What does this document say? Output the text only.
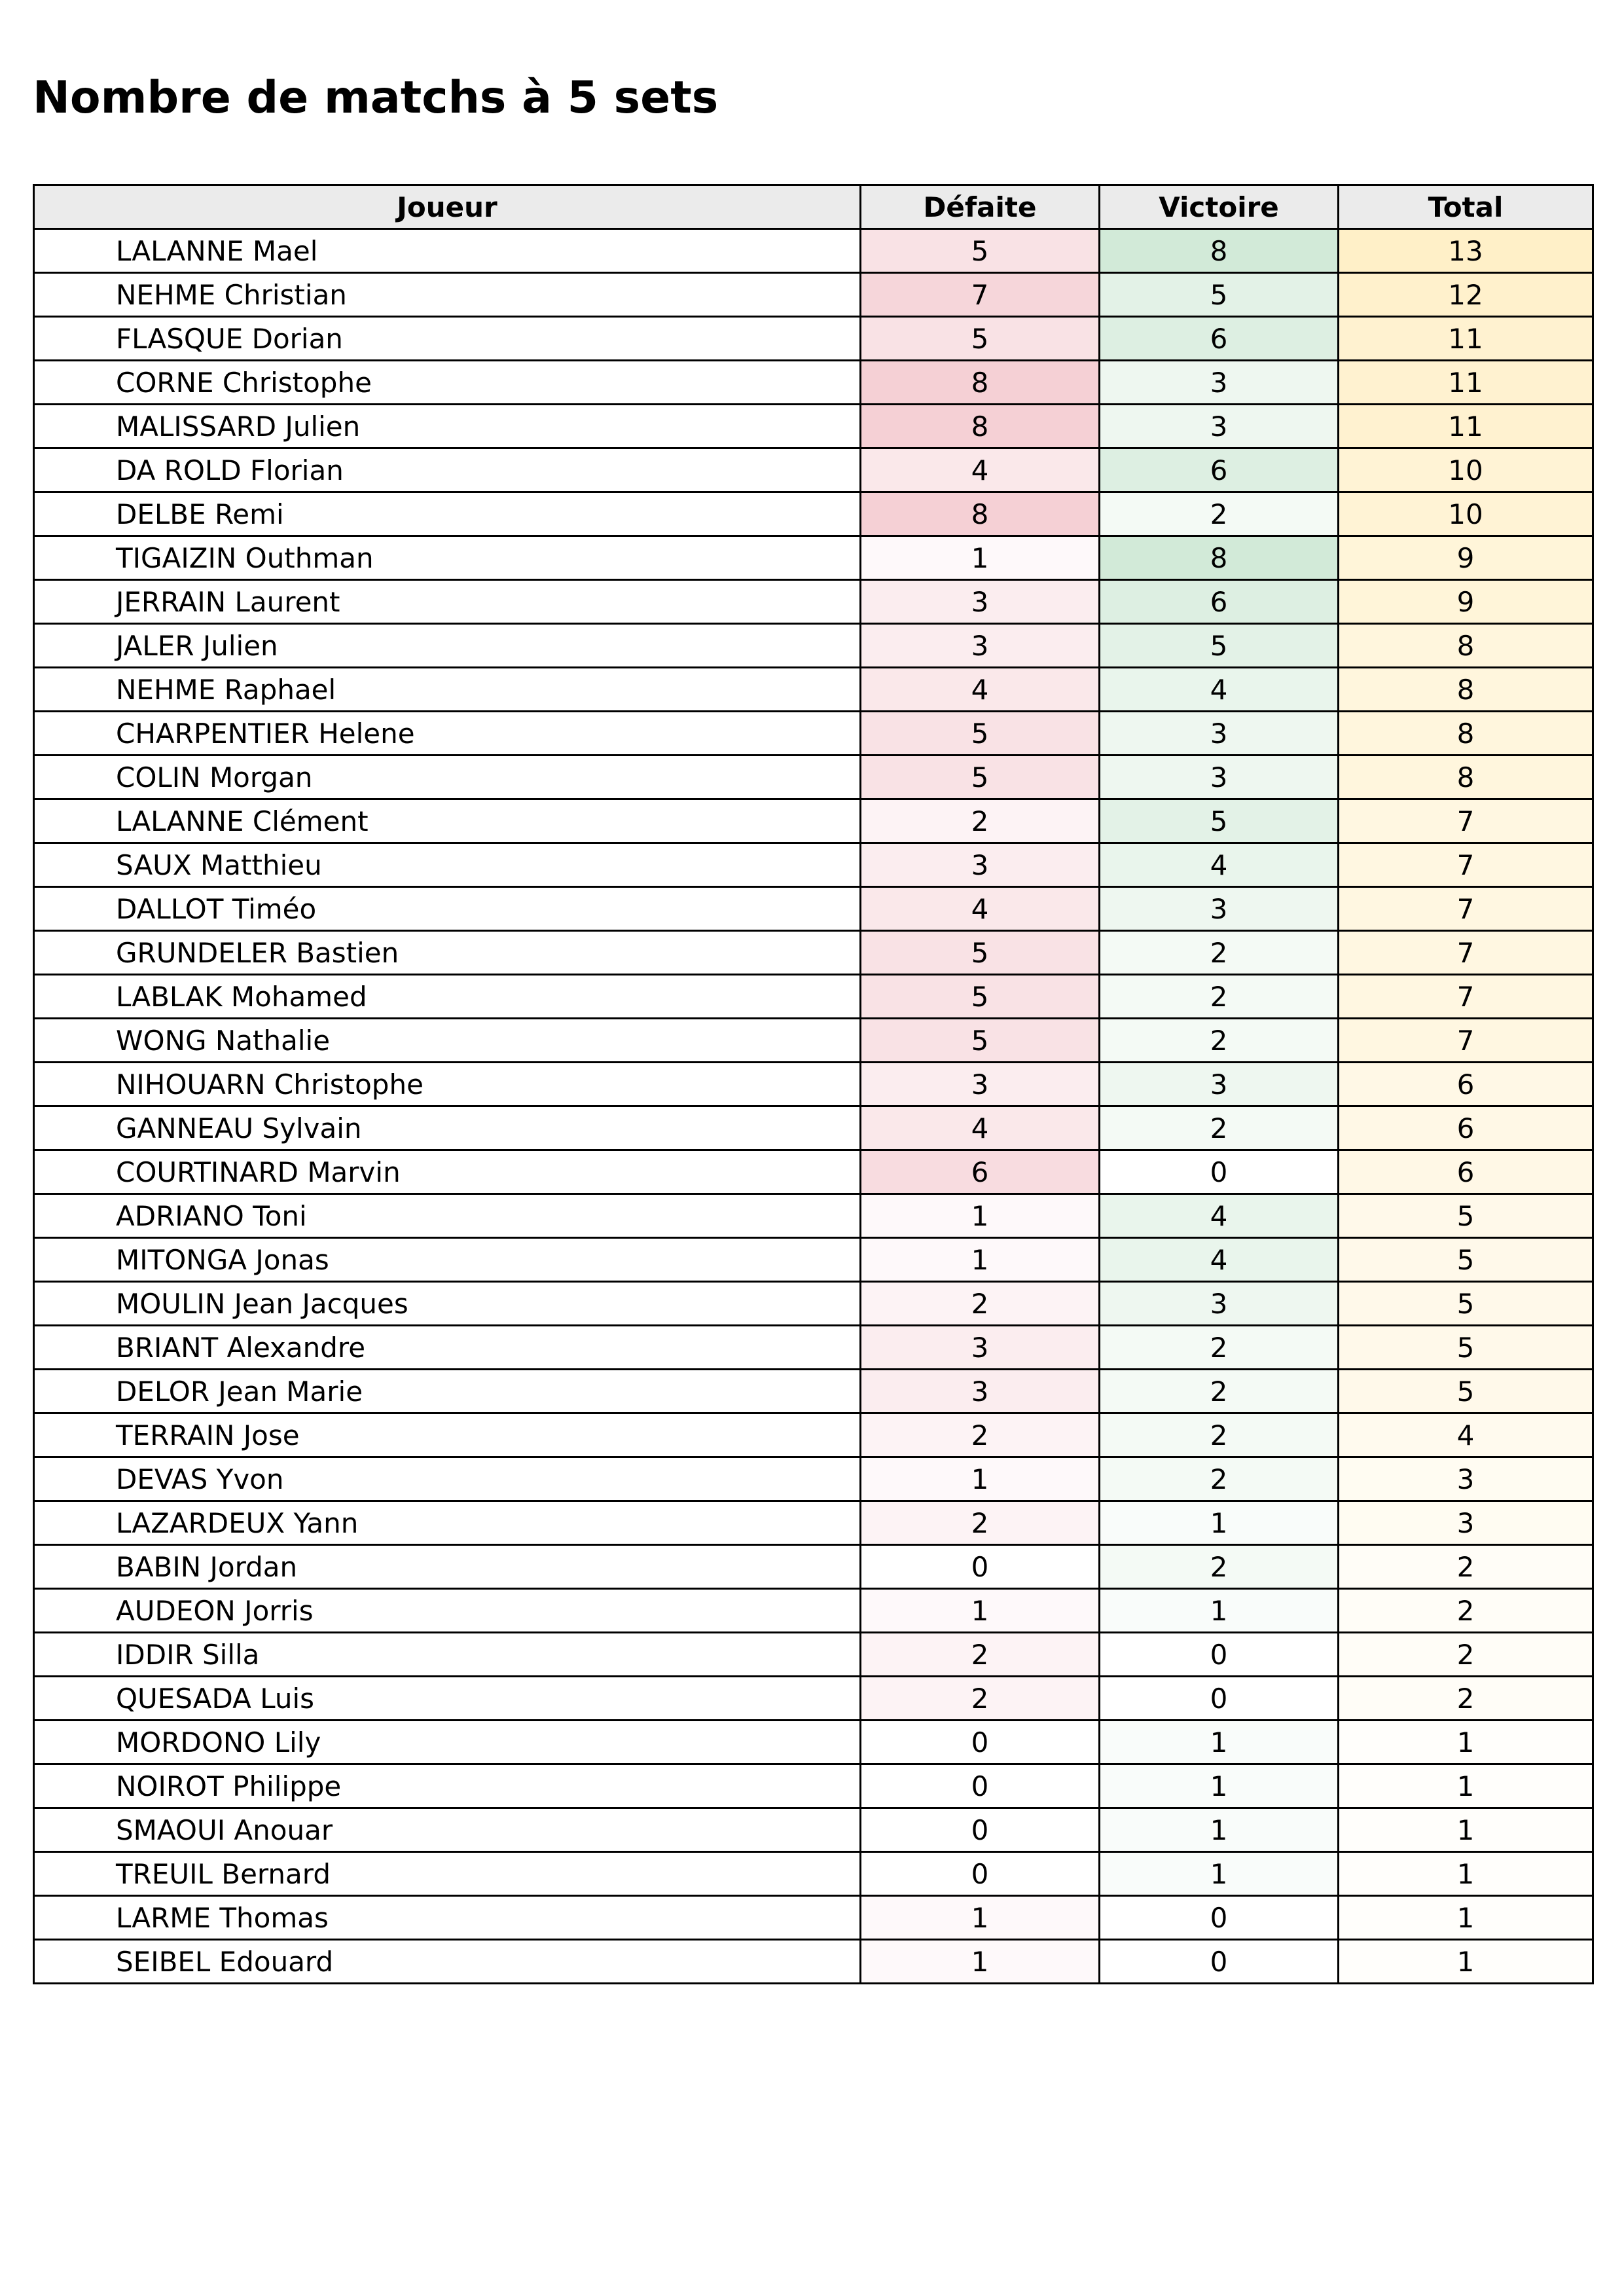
Nombre de matchs à 5 sets
Joueur	Défaite	Victoire	Total
LALANNE Mael	5	8	13
NEHME Christian	7	5	12
FLASQUE Dorian	5	6	11
CORNE Christophe	8	3	11
MALISSARD Julien	8	3	11
DA ROLD Florian	4	6	10
DELBE Remi	8	2	10
TIGAIZIN Outhman	1	8	9
JERRAIN Laurent	3	6	9
JALER Julien	3	5	8
NEHME Raphael	4	4	8
CHARPENTIER Helene	5	3	8
COLIN Morgan	5	3	8
LALANNE Clément	2	5	7
SAUX Matthieu	3	4	7
DALLOT Timéo	4	3	7
GRUNDELER Bastien	5	2	7
LABLAK Mohamed	5	2	7
WONG Nathalie	5	2	7
NIHOUARN Christophe	3	3	6
GANNEAU Sylvain	4	2	6
COURTINARD Marvin	6	0	6
ADRIANO Toni	1	4	5
MITONGA Jonas	1	4	5
MOULIN Jean Jacques	2	3	5
BRIANT Alexandre	3	2	5
DELOR Jean Marie	3	2	5
TERRAIN Jose	2	2	4
DEVAS Yvon	1	2	3
LAZARDEUX Yann	2	1	3
BABIN Jordan	0	2	2
AUDEON Jorris	1	1	2
IDDIR Silla	2	0	2
QUESADA Luis	2	0	2
MORDONO Lily	0	1	1
NOIROT Philippe	0	1	1
SMAOUI Anouar	0	1	1
TREUIL Bernard	0	1	1
LARME Thomas	1	0	1
SEIBEL Edouard	1	0	1
